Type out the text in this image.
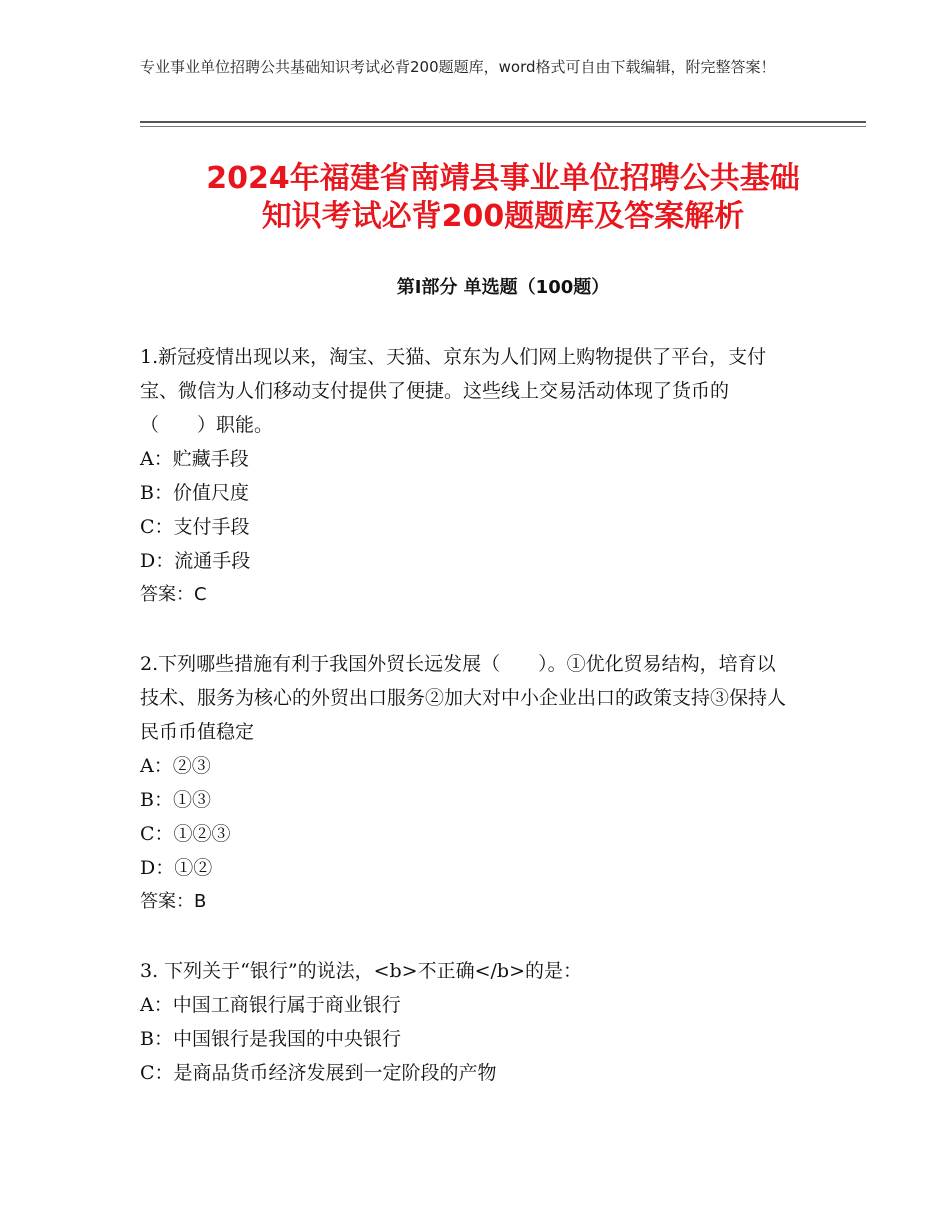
专业事业单位招聘公共基础知识考试必背200题题库，word格式可自由下载编辑，附完整答案！
2024年福建省南靖县事业单位招聘公共基础
知识考试必背200题题库及答案解析
第Ⅰ部分 单选题（100题）

1.新冠疫情出现以来，淘宝、天猫、京东为人们网上购物提供了平台，支付宝、微信为人们移动支付提供了便捷。这些线上交易活动体现了货币的（　　）职能。

A：贮藏手段

B：价值尺度

C：支付手段

D：流通手段

答案：C

2.下列哪些措施有利于我国外贸长远发展（　　）。①优化贸易结构，培育以技术、服务为核心的外贸出口服务②加大对中小企业出口的政策支持③保持人民币币值稳定

A：②③

B：①③

C：①②③

D：①②

答案：B

3. 下列关于“银行”的说法，<b>不正确</b>的是：

A：中国工商银行属于商业银行

B：中国银行是我国的中央银行

C：是商品货币经济发展到一定阶段的产物
